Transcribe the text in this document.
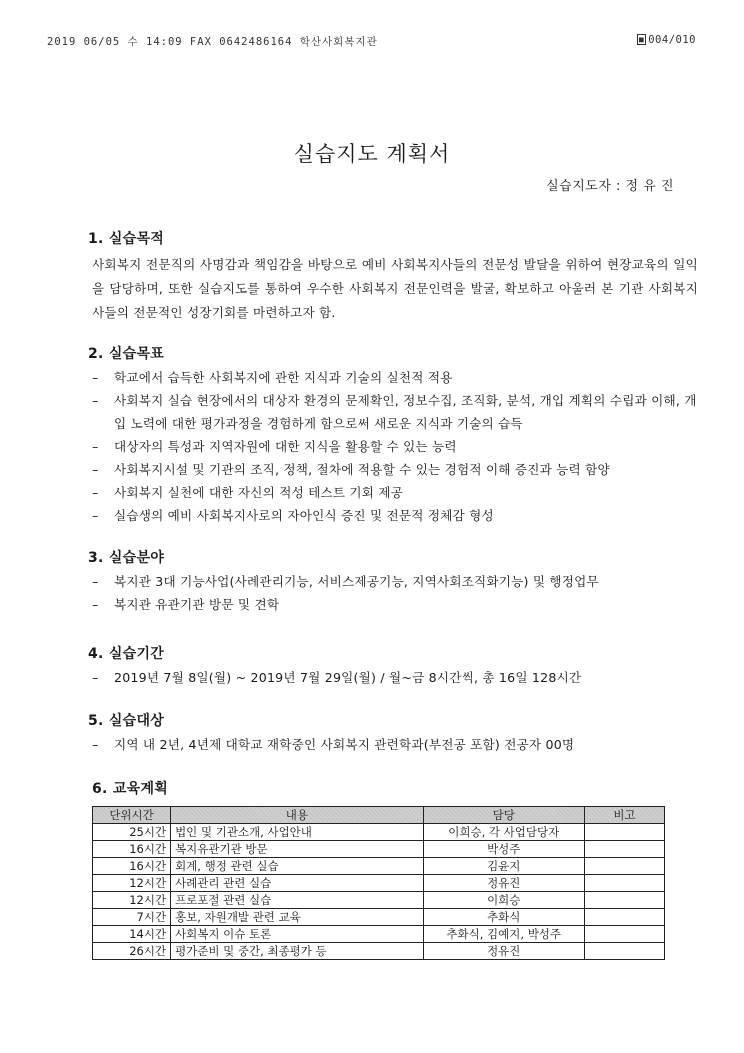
2019 06/05 수 14:09 FAX 0642486164 학산사회복지관	■ 004/010
실습지도 계획서
실습지도자 : 정 유 진
1. 실습목적
사회복지 전문직의 사명감과 책임감을 바탕으로 예비 사회복지사들의 전문성 발달을 위하여 현장교육의 일익을 담당하며, 또한 실습지도를 통하여 우수한 사회복지 전문인력을 발굴, 확보하고 아울러 본 기관 사회복지사들의 전문적인 성장기회를 마련하고자 함.
2. 실습목표
– 학교에서 습득한 사회복지에 관한 지식과 기술의 실천적 적용
– 사회복지 실습 현장에서의 대상자 환경의 문제확인, 정보수집, 조직화, 분석, 개입 계획의 수립과 이해, 개입 노력에 대한 평가과정을 경험하게 함으로써 새로운 지식과 기술의 습득
– 대상자의 특성과 지역자원에 대한 지식을 활용할 수 있는 능력
– 사회복지시설 및 기관의 조직, 정책, 절차에 적용할 수 있는 경험적 이해 증진과 능력 함양
– 사회복지 실천에 대한 자신의 적성 테스트 기회 제공
– 실습생의 예비 사회복지사로의 자아인식 증진 및 전문적 정체감 형성
3. 실습분야
– 복지관 3대 기능사업(사례관리기능, 서비스제공기능, 지역사회조직화기능) 및 행정업무
– 복지관 유관기관 방문 및 견학
4. 실습기간
– 2019년 7월 8일(월) ~ 2019년 7월 29일(월) / 월~금 8시간씩, 총 16일 128시간
5. 실습대상
– 지역 내 2년, 4년제 대학교 재학중인 사회복지 관련학과(부전공 포함) 전공자 00명
6. 교육계획
단위시간	내용	담당	비고
25시간	법인 및 기관소개, 사업안내	이희승, 각 사업담당자	
16시간	복지유관기관 방문	박성주	
16시간	회계, 행정 관련 실습	김윤지	
12시간	사례관리 관련 실습	정유진	
12시간	프로포절 관련 실습	이희승	
7시간	홍보, 자원개발 관련 교육	추화식	
14시간	사회복지 이슈 토론	추화식, 김예지, 박성주	
26시간	평가준비 및 중간, 최종평가 등	정유진	
